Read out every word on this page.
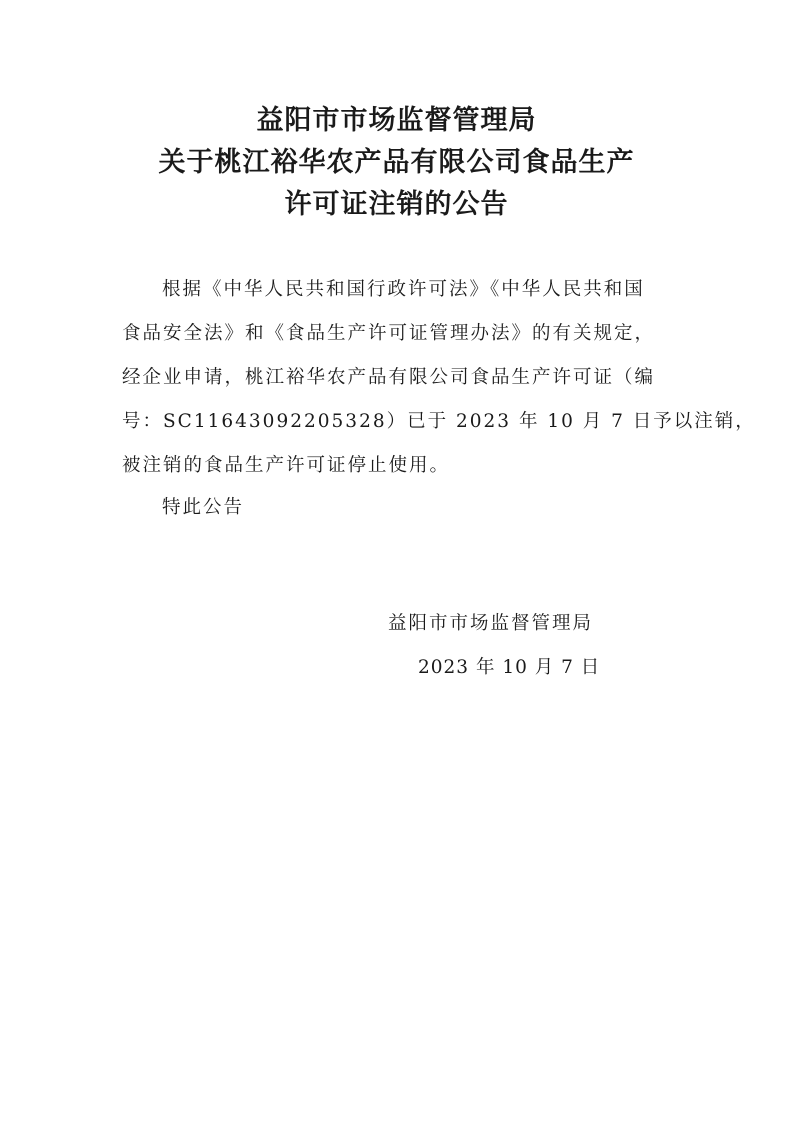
益阳市市场监督管理局
关于桃江裕华农产品有限公司食品生产
许可证注销的公告
根据《中华人民共和国行政许可法》《中华人民共和国
食品安全法》和《食品生产许可证管理办法》的有关规定，
经企业申请，桃江裕华农产品有限公司食品生产许可证（编
号：SC11643092205328）已于 2023 年 10 月 7 日予以注销，
被注销的食品生产许可证停止使用。
特此公告
益阳市市场监督管理局
2023 年 10 月 7 日
